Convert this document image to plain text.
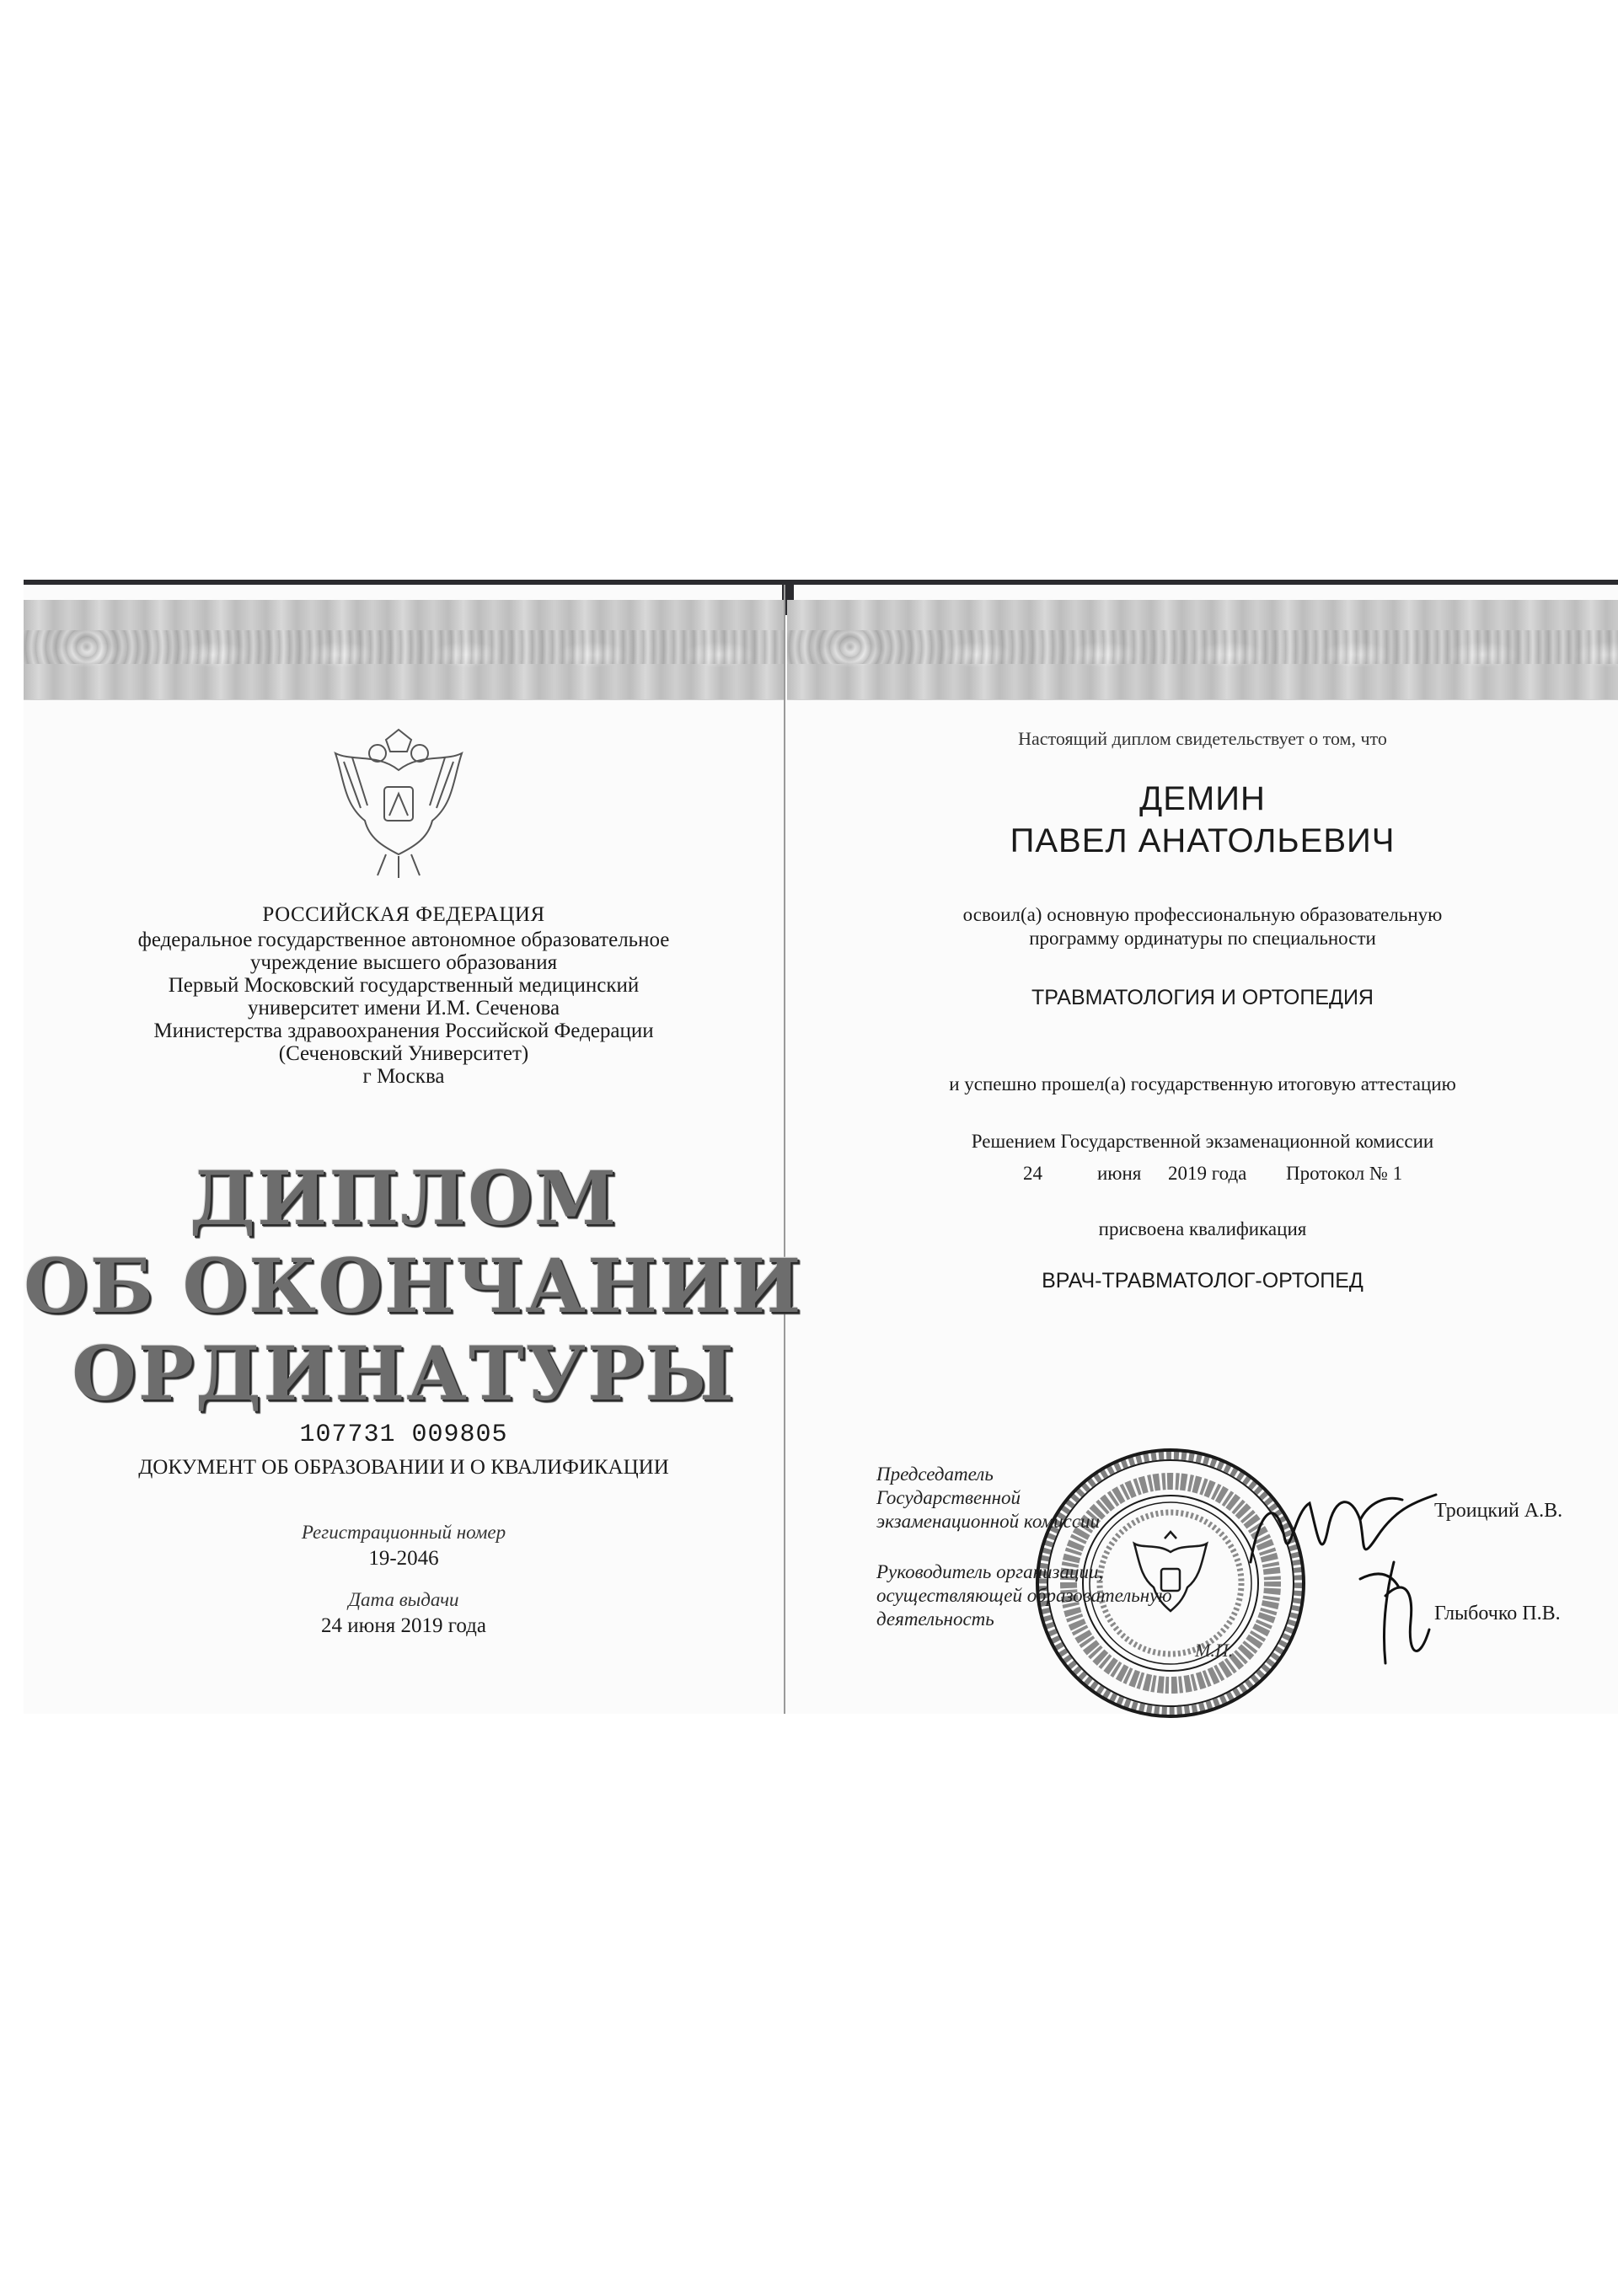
РОССИЙСКАЯ ФЕДЕРАЦИЯ
федеральное государственное автономное образовательное
учреждение высшего образования
Первый Московский государственный медицинский
университет имени И.М. Сеченова
Министерства здравоохранения Российской Федерации
(Сеченовский Университет)
г Москва
ДИПЛОМ
ОБ ОКОНЧАНИИ
ОРДИНАТУРЫ
107731 009805
ДОКУМЕНТ ОБ ОБРАЗОВАНИИ И О КВАЛИФИКАЦИИ
Регистрационный номер
19-2046
Дата выдачи
24 июня 2019 года
Настоящий диплом свидетельствует о том, что
ДЕМИН
ПАВЕЛ АНАТОЛЬЕВИЧ
освоил(а) основную профессиональную образовательную
программу ординатуры по специальности
ТРАВМАТОЛОГИЯ И ОРТОПЕДИЯ
и успешно прошел(а) государственную итоговую аттестацию
Решением Государственной экзаменационной комиссии
24	июня 2019 года Протокол № 1
присвоена квалификация
ВРАЧ-ТРАВМАТОЛОГ-ОРТОПЕД
Председатель
Государственной
экзаменационной комиссии	Троицкий А.В.
Руководитель организации,
осуществляющей образовательную
деятельность	Глыбочко П.В.
М.П.
